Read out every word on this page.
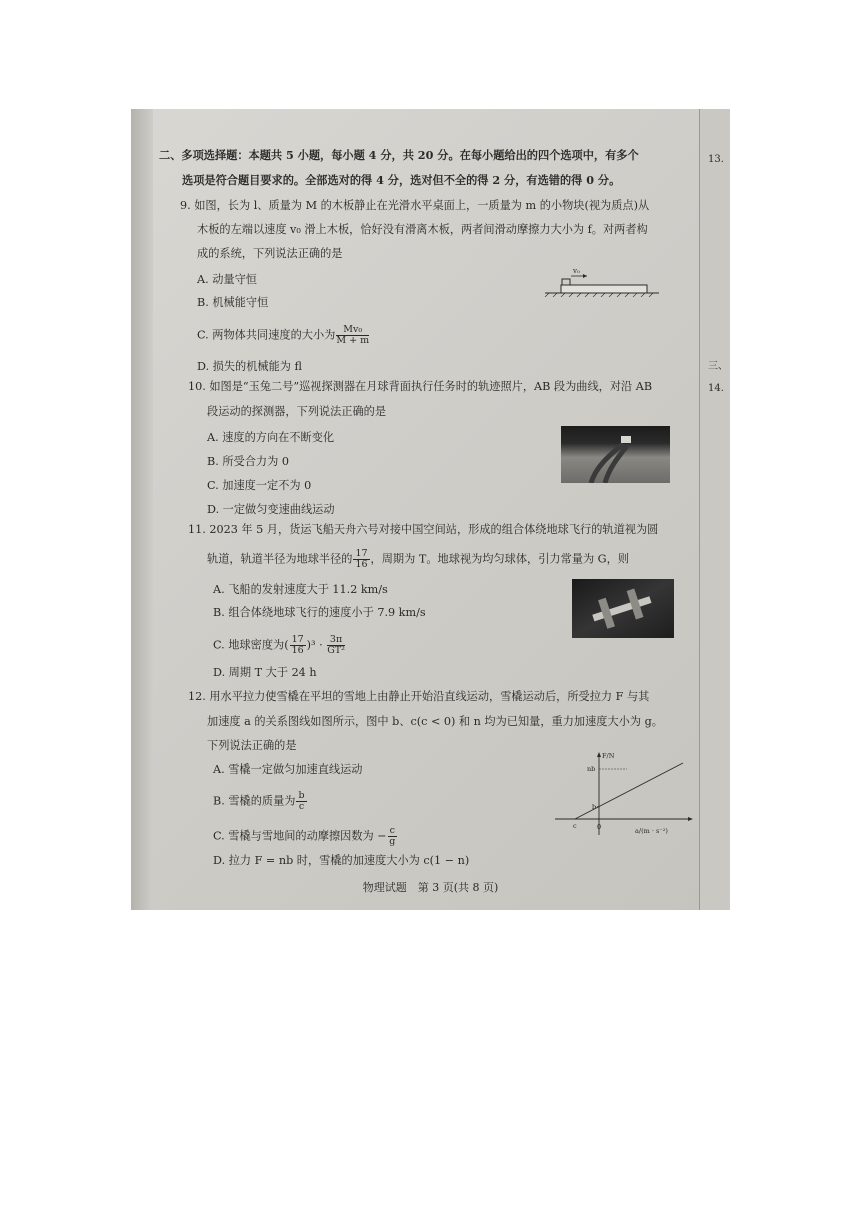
13.
三、
14.
二、多项选择题：本题共 5 小题，每小题 4 分，共 20 分。在每小题给出的四个选项中，有多个
选项是符合题目要求的。全部选对的得 4 分，选对但不全的得 2 分，有选错的得 0 分。
9. 如图，长为 l、质量为 M 的木板静止在光滑水平桌面上，一质量为 m 的小物块(视为质点)从
木板的左端以速度 v₀ 滑上木板，恰好没有滑离木板，两者间滑动摩擦力大小为 f。对两者构
成的系统，下列说法正确的是
A. 动量守恒
B. 机械能守恒
C. 两物体共同速度的大小为 $\frac{\text{Mv₀}}{M + m}$
D. 损失的机械能为 fl
v₀
10. 如图是“玉兔二号”巡视探测器在月球背面执行任务时的轨迹照片，AB 段为曲线，对沿 AB
段运动的探测器，下列说法正确的是
A. 速度的方向在不断变化
B. 所受合力为 0
C. 加速度一定不为 0
D. 一定做匀变速曲线运动
11. 2023 年 5 月，货运飞船天舟六号对接中国空间站，形成的组合体绕地球飞行的轨道视为圆
轨道，轨道半径为地球半径的 $\frac{17}{16}$ ，周期为 T。地球视为均匀球体，引力常量为 G，则
A. 飞船的发射速度大于 11.2 km/s
B. 组合体绕地球飞行的速度小于 7.9 km/s
C. 地球密度为( $\frac{17}{16} )^3 \cdot \frac{3\pi}{\text{GT²}}$
D. 周期 T 大于 24 h
12. 用水平拉力使雪橇在平坦的雪地上由静止开始沿直线运动，雪橇运动后，所受拉力 F 与其
加速度 a 的关系图线如图所示，图中 b、c(c < 0) 和 n 均为已知量，重力加速度大小为 g。
下列说法正确的是
A. 雪橇一定做匀加速直线运动
B. 雪橇的质量为 $\frac{b}{c}$
C. 雪橇与雪地间的动摩擦因数为 − $\frac{c}{g}$
D. 拉力 F = nb 时，雪橇的加速度大小为 c(1 − n)
F/N
a/(m · s⁻²)
nb
b
c	0
物理试题　第 3 页(共 8 页)
